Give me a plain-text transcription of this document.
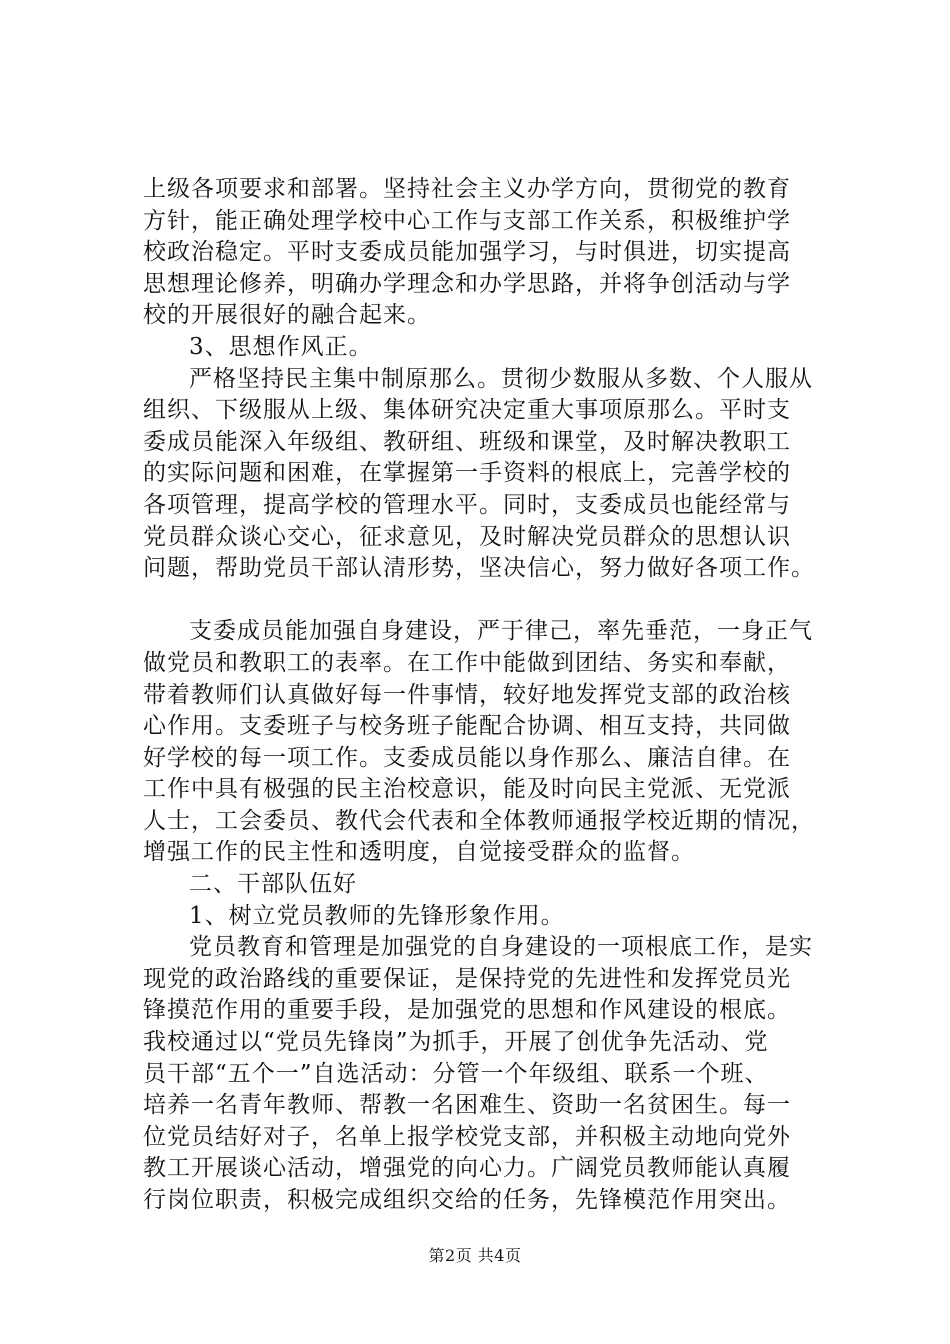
上级各项要求和部署。坚持社会主义办学方向，贯彻党的教育
方针，能正确处理学校中心工作与支部工作关系，积极维护学
校政治稳定。平时支委成员能加强学习，与时俱进，切实提高
思想理论修养，明确办学理念和办学思路，并将争创活动与学
校的开展很好的融合起来。
3、思想作风正。
严格坚持民主集中制原那么。贯彻少数服从多数、个人服从
组织、下级服从上级、集体研究决定重大事项原那么。平时支
委成员能深入年级组、教研组、班级和课堂，及时解决教职工
的实际问题和困难，在掌握第一手资料的根底上，完善学校的
各项管理，提高学校的管理水平。同时，支委成员也能经常与
党员群众谈心交心，征求意见，及时解决党员群众的思想认识
问题，帮助党员干部认清形势，坚决信心，努力做好各项工作。
支委成员能加强自身建设，严于律己，率先垂范，一身正气
做党员和教职工的表率。在工作中能做到团结、务实和奉献，
带着教师们认真做好每一件事情，较好地发挥党支部的政治核
心作用。支委班子与校务班子能配合协调、相互支持，共同做
好学校的每一项工作。支委成员能以身作那么、廉洁自律。在
工作中具有极强的民主治校意识，能及时向民主党派、无党派
人士，工会委员、教代会代表和全体教师通报学校近期的情况，
增强工作的民主性和透明度，自觉接受群众的监督。
二、干部队伍好
1、树立党员教师的先锋形象作用。
党员教育和管理是加强党的自身建设的一项根底工作，是实
现党的政治路线的重要保证，是保持党的先进性和发挥党员光
锋摸范作用的重要手段，是加强党的思想和作风建设的根底。
我校通过以“党员先锋岗”为抓手，开展了创优争先活动、党
员干部“五个一”自选活动：分管一个年级组、联系一个班、
培养一名青年教师、帮教一名困难生、资助一名贫困生。每一
位党员结好对子，名单上报学校党支部，并积极主动地向党外
教工开展谈心活动，增强党的向心力。广阔党员教师能认真履
行岗位职责，积极完成组织交给的任务，先锋模范作用突出。
第2页 共4页
